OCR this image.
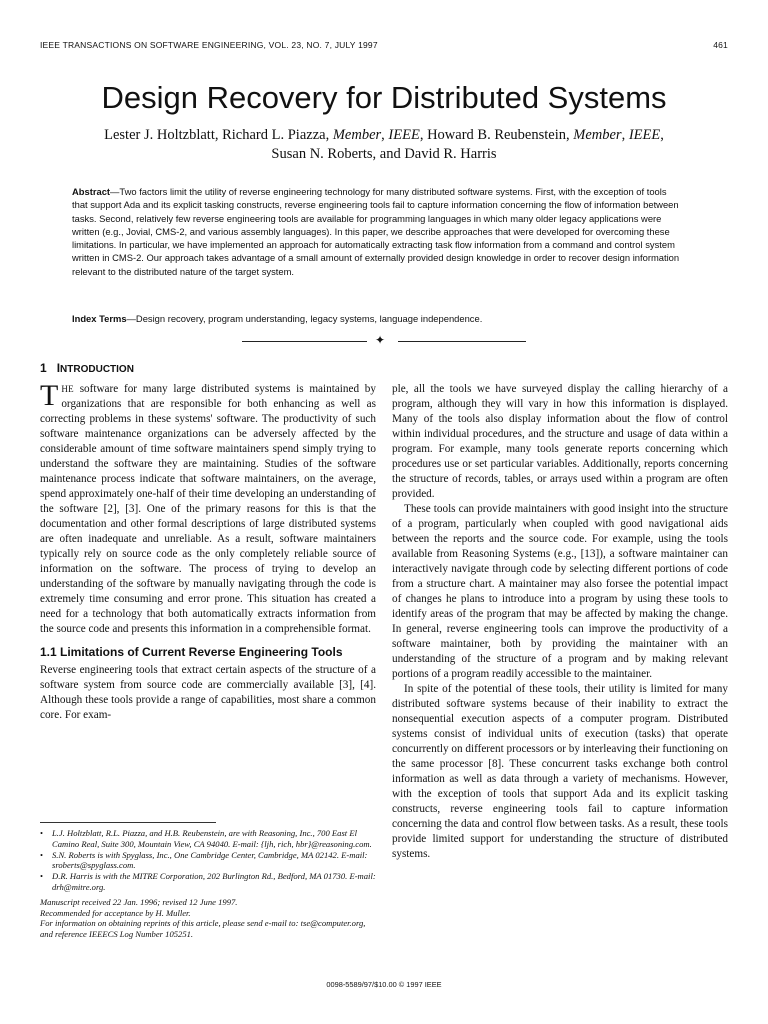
IEEE TRANSACTIONS ON SOFTWARE ENGINEERING, VOL. 23, NO. 7, JULY 1997	461
Design Recovery for Distributed Systems
Lester J. Holtzblatt, Richard L. Piazza, Member, IEEE, Howard B. Reubenstein, Member, IEEE,
Susan N. Roberts, and David R. Harris
Abstract—Two factors limit the utility of reverse engineering technology for many distributed software systems. First, with the exception of tools that support Ada and its explicit tasking constructs, reverse engineering tools fail to capture information concerning the flow of information between tasks. Second, relatively few reverse engineering tools are available for programming languages in which many older legacy applications were written (e.g., Jovial, CMS-2, and various assembly languages). In this paper, we describe approaches that were developed for overcoming these limitations. In particular, we have implemented an approach for automatically extracting task flow information from a command and control system written in CMS-2. Our approach takes advantage of a small amount of externally provided design knowledge in order to recover design information relevant to the distributed nature of the target system.
Index Terms—Design recovery, program understanding, legacy systems, language independence.
✦
1 INTRODUCTION

THE software for many large distributed systems is maintained by organizations that are responsible for both enhancing as well as correcting problems in these systems' software. The productivity of such software maintenance organizations can be adversely affected by the considerable amount of time software maintainers spend simply trying to understand the software they are maintaining. Studies of the software maintenance process indicate that software maintainers, on the average, spend approximately one-half of their time developing an understanding of the software [2], [3]. One of the primary reasons for this is that the documentation and other formal descriptions of large distributed systems are often inadequate and unreliable. As a result, software maintainers typically rely on source code as the only completely reliable source of information on the software. The process of trying to develop an understanding of the software by manually navigating through the code is extremely time consuming and error prone. This situation has created a need for a technology that both automatically extracts information from the source code and presents this information in a comprehensible format.

1.1 Limitations of Current Reverse Engineering Tools

Reverse engineering tools that extract certain aspects of the structure of a software system from source code are commercially available [3], [4]. Although these tools provide a range of capabilities, most share a common core. For exam-

ple, all the tools we have surveyed display the calling hierarchy of a program, although they will vary in how this information is displayed. Many of the tools also display information about the flow of control within individual procedures, and the structure and usage of data within a program. For example, many tools generate reports concerning which procedures use or set particular variables. Additionally, reports concerning the structure of records, tables, or arrays used within a program are often provided.

These tools can provide maintainers with good insight into the structure of a program, particularly when coupled with good navigational aids between the reports and the source code. For example, using the tools available from Reasoning Systems (e.g., [13]), a software maintainer can interactively navigate through code by selecting different portions of code from a structure chart. A maintainer may also forsee the potential impact of changes he plans to introduce into a program by using these tools to identify areas of the program that may be affected by making the change. In general, reverse engineering tools can improve the productivity of a software maintainer, both by providing the maintainer with an understanding of the structure of a program and by making relevant portions of a program readily accessible to the maintainer.

In spite of the potential of these tools, their utility is limited for many distributed software systems because of their inability to extract the nonsequential execution aspects of a computer program. Distributed systems consist of individual units of execution (tasks) that operate concurrently on different processors or by interleaving their functioning on the same processor [8]. These concurrent tasks exchange both control information as well as data through a variety of mechanisms. However, with the exception of tools that support Ada and its explicit tasking constructs, reverse engineering tools fail to capture information concerning the data and control flow between tasks. As a result, these tools provide limited support for understanding the structure of distributed systems.

• L.J. Holtzblatt, R.L. Piazza, and H.B. Reubenstein, are with Reasoning, Inc., 700 East El Camino Real, Suite 300, Mountain View, CA 94040. E-mail: {ljh, rich, hbr}@reasoning.com.
• S.N. Roberts is with Spyglass, Inc., One Cambridge Center, Cambridge, MA 02142. E-mail: sroberts@spyglass.com.
• D.R. Harris is with the MITRE Corporation, 202 Burlington Rd., Bedford, MA 01730. E-mail: drh@mitre.org.
Manuscript received 22 Jan. 1996; revised 12 June 1997.
Recommended for acceptance by H. Muller.
For information on obtaining reprints of this article, please send e-mail to: tse@computer.org, and reference IEEECS Log Number 105251.
0098-5589/97/$10.00 © 1997 IEEE
